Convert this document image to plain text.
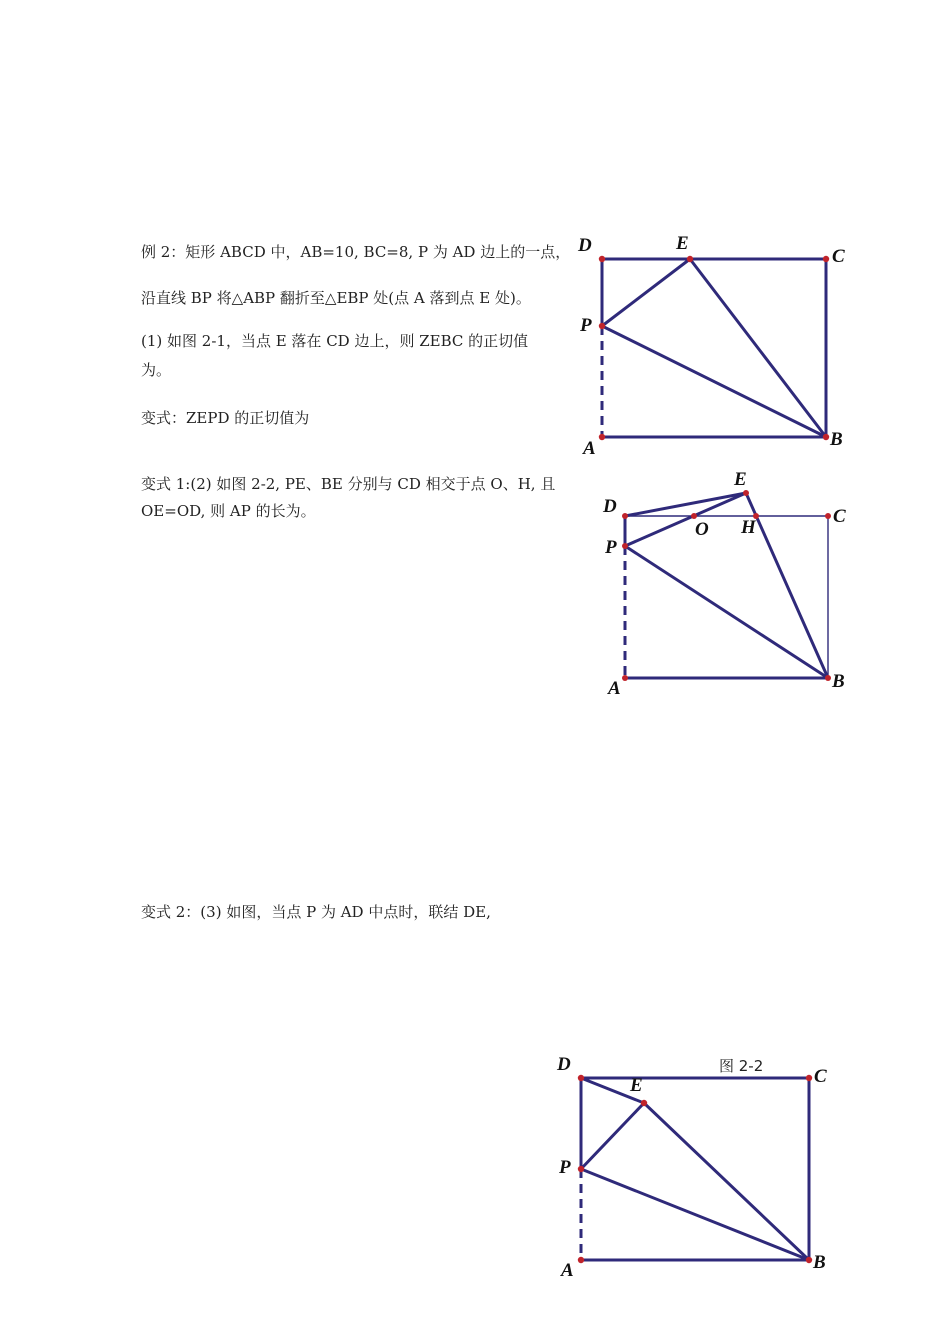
例 2：矩形 ABCD 中，AB=10, BC=8, P 为 AD 边上的一点，
沿直线 BP 将△ABP 翻折至△EBP 处(点 A 落到点 E 处)。
(1) 如图 2-1，当点 E 落在 CD 边上，则 ZEBC 的正切值
为。
变式：ZEPD 的正切值为
变式 1:(2) 如图 2-2, PE、BE 分别与 CD 相交于点 O、H, 且
OE=OD, 则 AP 的长为。
变式 2：(3) 如图，当点 P 为 AD 中点时，联结 DE,
D	E
C
P
A	B
D
E
O H
C
P
A	B
图 2-2
D
E	C
P
A	B
